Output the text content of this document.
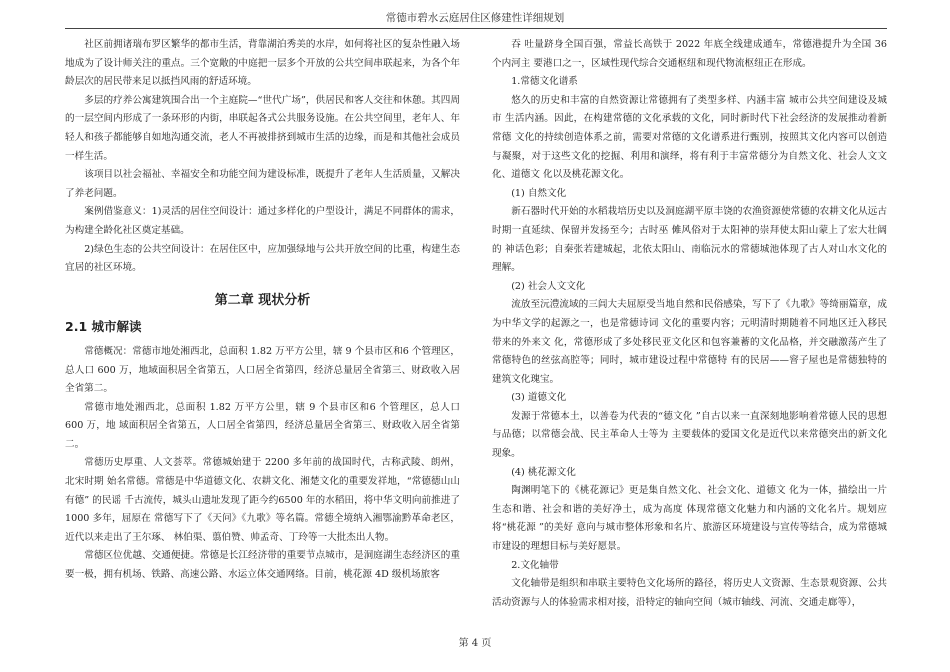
常德市碧水云庭居住区修建性详细规划

社区前拥诸瑞布罗区繁华的都市生活，背靠湖泊秀美的水岸，如何将社区的复杂性融入场地成为了设计师关注的重点。三个宽敞的中庭把一层多个开放的公共空间串联起来，为各个年龄层次的居民带来足以抵挡风雨的舒适环境。

多层的疗养公寓建筑围合出一个主庭院—“世代广场”，供居民和客人交往和休憩。其四周的一层空间内形成了一条环形的内街，串联起各式公共服务设施。在公共空间里，老年人、年轻人和孩子都能够自如地沟通交流，老人不再被排挤到城市生活的边缘，而是和其他社会成员一样生活。

该项目以社会福祉、幸福安全和功能空间为建设标准，既提升了老年人生活质量，又解决了养老问题。

案例借鉴意义：1)灵活的居住空间设计：通过多样化的户型设计，满足不同群体的需求，为构建全龄化社区奠定基础。

2)绿色生态的公共空间设计：在居住区中，应加强绿地与公共开放空间的比重，构建生态宜居的社区环境。

第二章 现状分析
2.1 城市解读

常德概况：常德市地处湘西北，总面积 1.82 万平方公里，辖 9 个县市区和6 个管理区，总人口 600 万，地域面积居全省第五，人口居全省第四，经济总量居全省第三、财政收入居全省第二。

常德市地处湘西北，总面积 1.82 万平方公里，辖 9 个县市区和6 个管理区，总人口 600 万，地 域面积居全省第五，人口居全省第四，经济总量居全省第三、财政收入居全省第二。

常德历史厚重、人文荟萃。常德城始建于 2200 多年前的战国时代，古称武陵、朗州，北宋时期 始名常德。常德是中华道德文化、农耕文化、湘楚文化的重要发祥地，“常德德山山有德” 的民谣 千古流传，城头山遗址发现了距今约6500 年的水稻田，将中华文明向前推进了 1000 多年，屈原在 常德写下了《天问》《九歌》等名篇。常德全境纳入湘鄂渝黔革命老区，近代以来走出了王尔琢、 林伯渠、翦伯赞、帅孟奇、丁玲等一大批杰出人物。

常德区位优越、交通便捷。常德是长江经济带的重要节点城市，是洞庭湖生态经济区的重要一极，拥有机场、铁路、高速公路、水运立体交通网络。目前，桃花源 4D 级机场旅客

吞 吐量跻身全国百强，常益长高铁于 2022 年底全线建成通车，常德港提升为全国 36 个内河主 要港口之一，区域性现代综合交通枢纽和现代物流枢纽正在形成。

1.常德文化谱系

悠久的历史和丰富的自然资源让常德拥有了类型多样、内涵丰富 城市公共空间建设及城市 生活内涵。因此，在构建常德的文化承载的文化，同时新时代下社会经济的发展推动着新常德 文化的持续创造体系之前，需要对常德的文化谱系进行甄别，按照其文化内容可以创造与凝聚，对于这些文化的挖掘、利用和演绎，将有利于丰富常德分为自然文化、社会人文文化、道德文 化以及桃花源文化。

(1) 自然文化

新石器时代开始的水稻栽培历史以及洞庭湖平原丰饶的农渔资源使常德的农耕文化从远古 时期一直延续、保留并发扬至今；古时巫 傩风俗对于太阳神的崇拜使太阳山蒙上了宏大壮阔的 神话色彩；自秦张若建城起，北依太阳山、南临沅水的常德城池体现了古人对山水文化的理解。

(2) 社会人文文化

流放至沅澧流域的三闾大夫屈原受当地自然和民俗感染，写下了《九歌》等绮丽篇章，成为中华文学的起源之一，也是常德诗词 文化的重要内容；元明清时期随着不同地区迁入移民带来的外来文 化，常德形成了多处移民亚文化区和包容兼蓄的文化品格，并交融激荡产生了常德特色的丝弦高腔等；同时，城市建设过程中常德特 有的民居——窨子屋也是常德独特的建筑文化瑰宝。

(3) 道德文化

发源于常德本土，以善卷为代表的“德文化 ”自古以来一直深刻地影响着常德人民的思想与品德；以常德会战、民主革命人士等为 主要载体的爱国文化是近代以来常德突出的新文化现象。

(4) 桃花源文化

陶渊明笔下的《桃花源记》更是集自然文化、社会文化、道德文 化为一体，描绘出一片生态和谐、社会和谐的美好净土，成为高度 体现常德文化魅力和内涵的文化名片。规划应将“桃花源 ”的美好 意向与城市整体形象和名片、旅游区环境建设与宣传等结合，成为常德城市建设的理想目标与美好愿景。

2.文化轴带

文化轴带是组织和串联主要特色文化场所的路径，将历史人文资源、生态景观资源、公共活动资源与人的体验需求相对接，沿特定的轴向空间（城市轴线、河流、交通走廊等），

第 4 页
